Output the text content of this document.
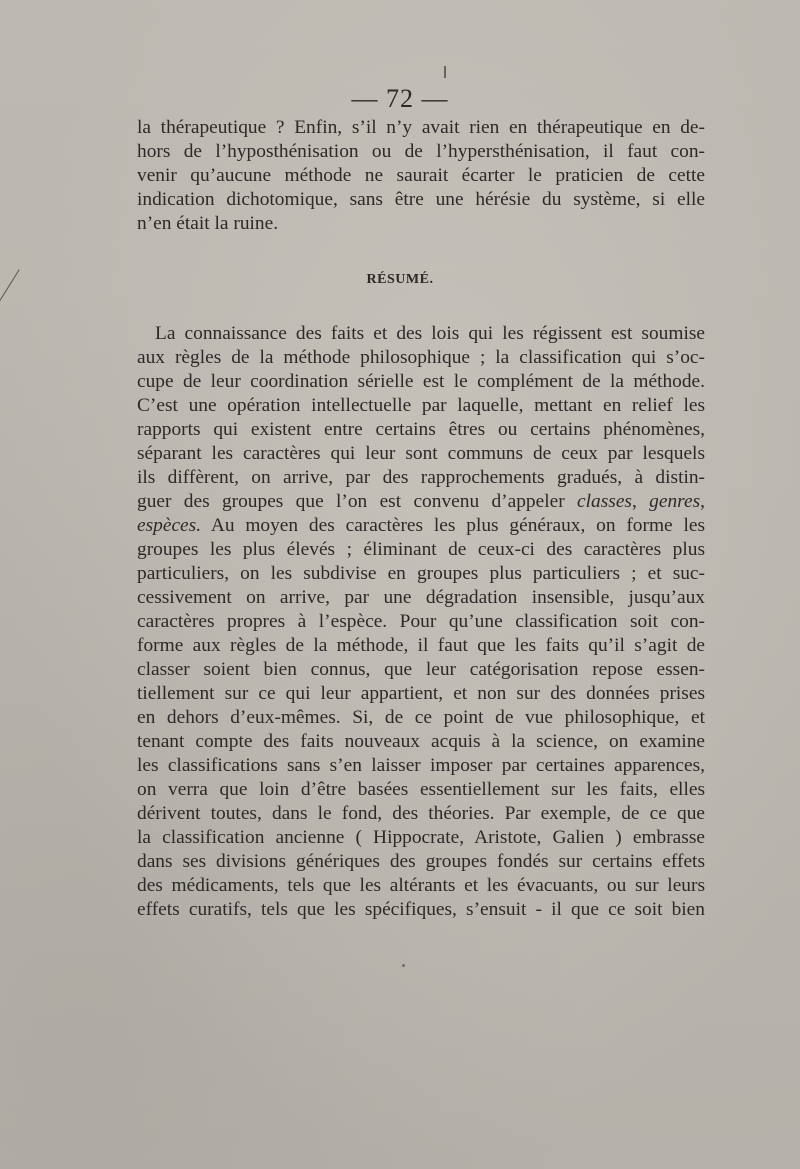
— 72 —
la thérapeutique ? Enfin, s’il n’y avait rien en thérapeutique en de-
hors de l’hyposthénisation ou de l’hypersthénisation, il faut con-
venir qu’aucune méthode ne saurait écarter le praticien de cette
indication dichotomique, sans être une hérésie du système, si elle
n’en était la ruine.
RÉSUMÉ.
La connaissance des faits et des lois qui les régissent est soumise
aux règles de la méthode philosophique ; la classification qui s’oc-
cupe de leur coordination sérielle est le complément de la méthode.
C’est une opération intellectuelle par laquelle, mettant en relief les
rapports qui existent entre certains êtres ou certains phénomènes,
séparant les caractères qui leur sont communs de ceux par lesquels
ils diffèrent, on arrive, par des rapprochements gradués, à distin-
guer des groupes que l’on est convenu d’appeler classes, genres,
espèces. Au moyen des caractères les plus généraux, on forme les
groupes les plus élevés ; éliminant de ceux-ci des caractères plus
particuliers, on les subdivise en groupes plus particuliers ; et suc-
cessivement on arrive, par une dégradation insensible, jusqu’aux
caractères propres à l’espèce. Pour qu’une classification soit con-
forme aux règles de la méthode, il faut que les faits qu’il s’agit de
classer soient bien connus, que leur catégorisation repose essen-
tiellement sur ce qui leur appartient, et non sur des données prises
en dehors d’eux-mêmes. Si, de ce point de vue philosophique, et
tenant compte des faits nouveaux acquis à la science, on examine
les classifications sans s’en laisser imposer par certaines apparences,
on verra que loin d’être basées essentiellement sur les faits, elles
dérivent toutes, dans le fond, des théories. Par exemple, de ce que
la classification ancienne ( Hippocrate, Aristote, Galien ) embrasse
dans ses divisions génériques des groupes fondés sur certains effets
des médicaments, tels que les altérants et les évacuants, ou sur leurs
effets curatifs, tels que les spécifiques, s’ensuit - il que ce soit bien
